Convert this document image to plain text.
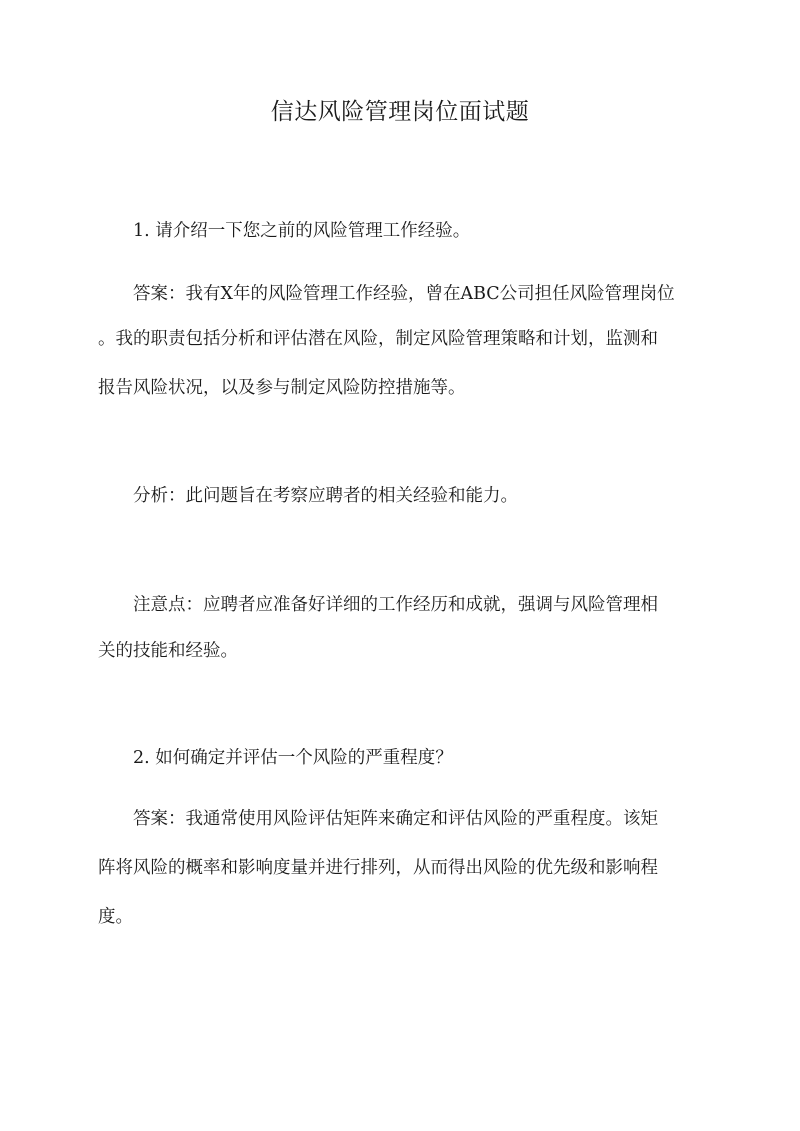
信达风险管理岗位面试题

1. 请介绍一下您之前的风险管理工作经验。

答案：我有X年的风险管理工作经验，曾在ABC公司担任风险管理岗位

。我的职责包括分析和评估潜在风险，制定风险管理策略和计划，监测和

报告风险状况，以及参与制定风险防控措施等。

分析：此问题旨在考察应聘者的相关经验和能力。

注意点：应聘者应准备好详细的工作经历和成就，强调与风险管理相

关的技能和经验。

2. 如何确定并评估一个风险的严重程度？

答案：我通常使用风险评估矩阵来确定和评估风险的严重程度。该矩

阵将风险的概率和影响度量并进行排列，从而得出风险的优先级和影响程

度。
